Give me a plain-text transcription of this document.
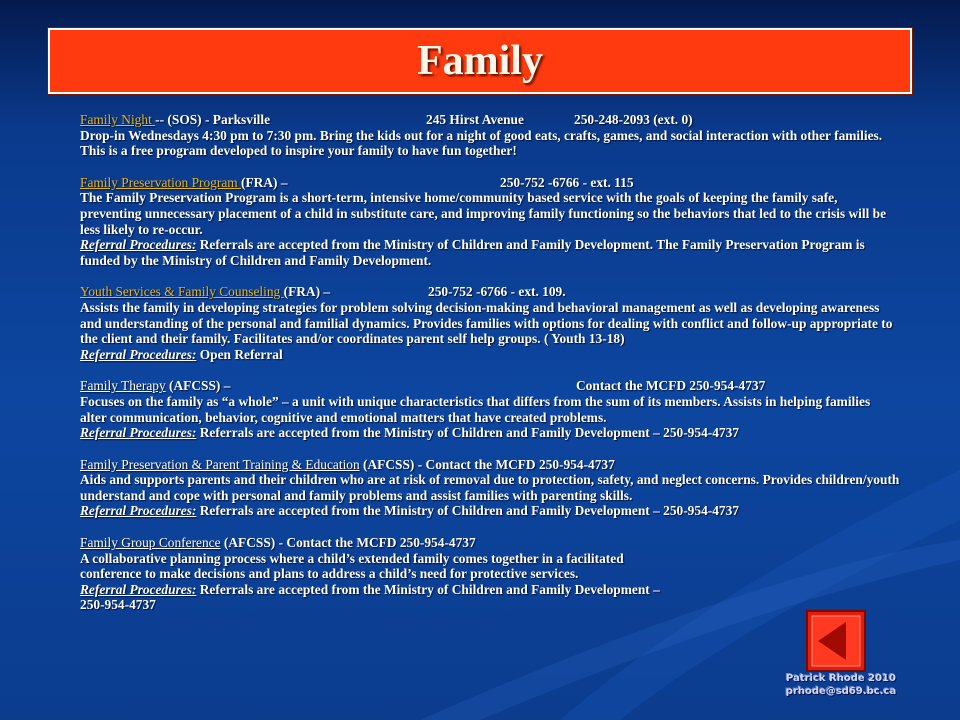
Family

Family Night -- (SOS) - Parksville	245 Hirst Avenue	250-248-2093 (ext. 0)

Drop-in Wednesdays 4:30 pm to 7:30 pm. Bring the kids out for a night of good eats, crafts, games, and social interaction with other families. This is a free program developed to inspire your family to have fun together!

Family Preservation Program (FRA) –	250-752 -6766 - ext. 115

The Family Preservation Program is a short-term, intensive home/community based service with the goals of keeping the family safe, preventing unnecessary placement of a child in substitute care, and improving family functioning so the behaviors that led to the crisis will be less likely to re-occur.

Referral Procedures: Referrals are accepted from the Ministry of Children and Family Development. The Family Preservation Program is funded by the Ministry of Children and Family Development.

Youth Services & Family Counseling (FRA) –	250-752 -6766 - ext. 109.

Assists the family in developing strategies for problem solving decision-making and behavioral management as well as developing awareness and understanding of the personal and familial dynamics. Provides families with options for dealing with conflict and follow-up appropriate to the client and their family. Facilitates and/or coordinates parent self help groups. ( Youth 13-18)

Referral Procedures: Open Referral

Family Therapy (AFCSS) –	Contact the MCFD 250-954-4737

Focuses on the family as “a whole” – a unit with unique characteristics that differs from the sum of its members. Assists in helping families alter communication, behavior, cognitive and emotional matters that have created problems.

Referral Procedures: Referrals are accepted from the Ministry of Children and Family Development – 250-954-4737

Family Preservation & Parent Training & Education (AFCSS) - Contact the MCFD 250-954-4737

Aids and supports parents and their children who are at risk of removal due to protection, safety, and neglect concerns. Provides children/youth understand and cope with personal and family problems and assist families with parenting skills.

Referral Procedures: Referrals are accepted from the Ministry of Children and Family Development – 250-954-4737

Family Group Conference (AFCSS) - Contact the MCFD 250-954-4737

A collaborative planning process where a child’s extended family comes together in a facilitated

conference to make decisions and plans to address a child’s need for protective services.

Referral Procedures: Referrals are accepted from the Ministry of Children and Family Development –

250-954-4737

Patrick Rhode 2010
prhode@sd69.bc.ca
